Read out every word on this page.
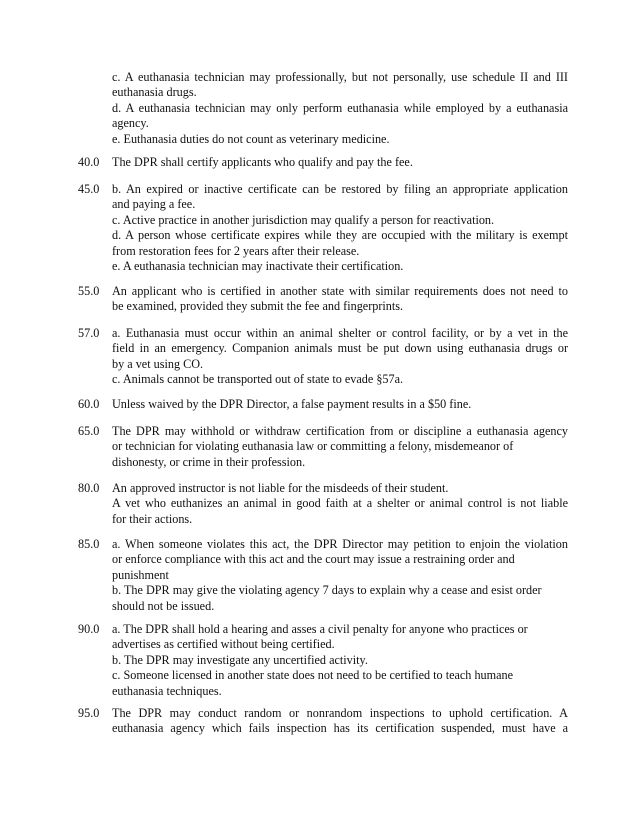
c. A euthanasia technician may professionally, but not personally, use schedule II and III
euthanasia drugs.
d. A euthanasia technician may only perform euthanasia while employed by a euthanasia
agency.
e. Euthanasia duties do not count as veterinary medicine.
40.0	The DPR shall certify applicants who qualify and pay the fee.
45.0	b. An expired or inactive certificate can be restored by filing an appropriate application
and paying a fee.
c. Active practice in another jurisdiction may qualify a person for reactivation.
d. A person whose certificate expires while they are occupied with the military is exempt
from restoration fees for 2 years after their release.
e. A euthanasia technician may inactivate their certification.
55.0	An applicant who is certified in another state with similar requirements does not need to
be examined, provided they submit the fee and fingerprints.
57.0	a. Euthanasia must occur within an animal shelter or control facility, or by a vet in the
field in an emergency. Companion animals must be put down using euthanasia drugs or
by a vet using CO.
c. Animals cannot be transported out of state to evade §57a.
60.0	Unless waived by the DPR Director, a false payment results in a $50 fine.
65.0	The DPR may withhold or withdraw certification from or discipline a euthanasia agency
or technician for violating euthanasia law or committing a felony, misdemeanor of
dishonesty, or crime in their profession.
80.0	An approved instructor is not liable for the misdeeds of their student.
A vet who euthanizes an animal in good faith at a shelter or animal control is not liable
for their actions.
85.0	a. When someone violates this act, the DPR Director may petition to enjoin the violation
or enforce compliance with this act and the court may issue a restraining order and
punishment
b. The DPR may give the violating agency 7 days to explain why a cease and esist order
should not be issued.
90.0	a. The DPR shall hold a hearing and asses a civil penalty for anyone who practices or
advertises as certified without being certified.
b. The DPR may investigate any uncertified activity.
c. Someone licensed in another state does not need to be certified to teach humane
euthanasia techniques.
95.0	The DPR may conduct random or nonrandom inspections to uphold certification. A
euthanasia agency which fails inspection has its certification suspended, must have a
